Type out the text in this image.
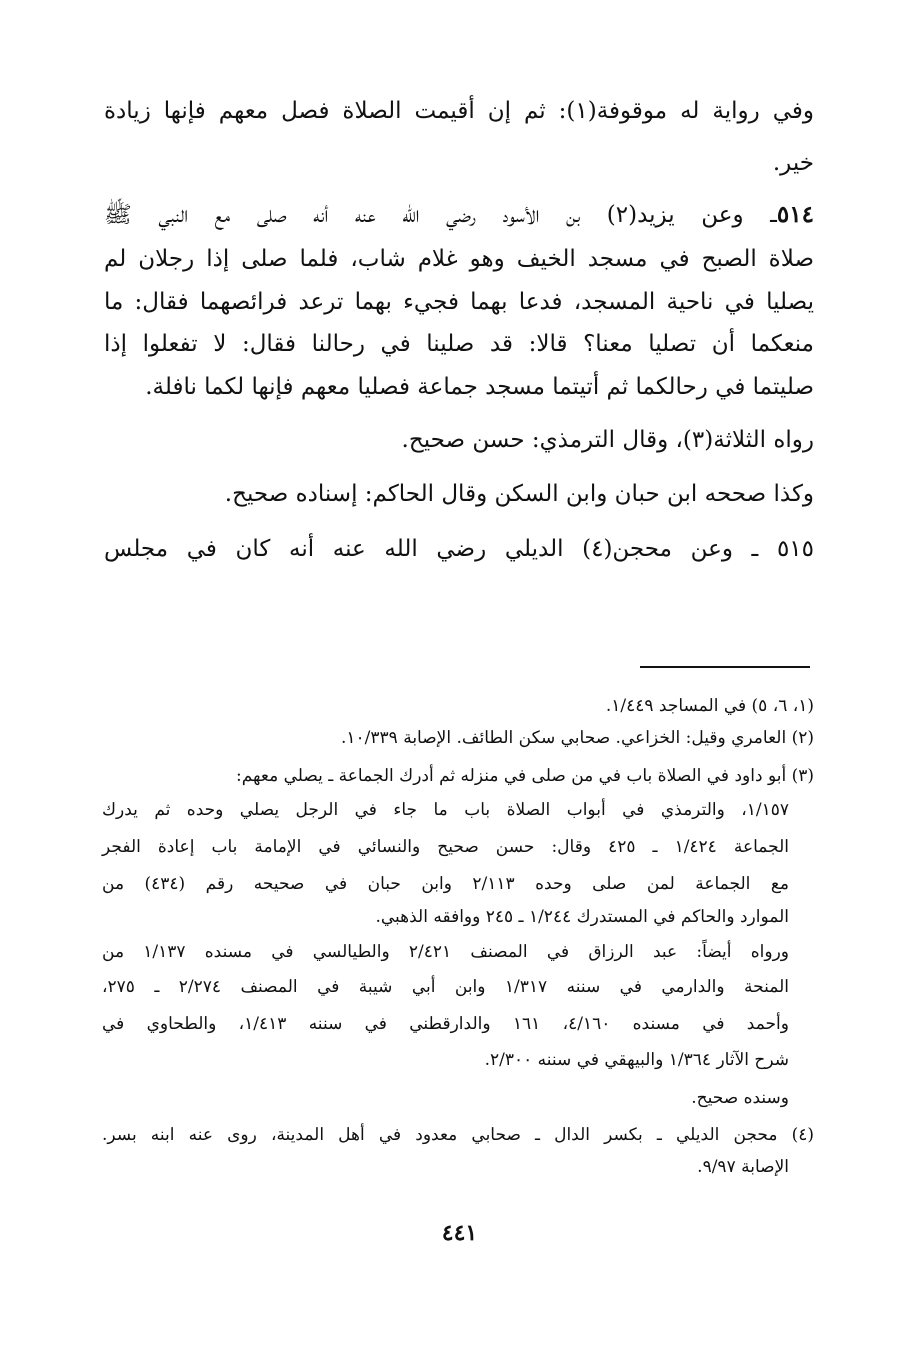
وفي رواية له موقوفة(١): ثم إن أقيمت الصلاة فصل معهم فإنها زيادة
خير.
٥١٤ـ وعن يزيد(٢) بن الأسود رضي الله عنه أنه صلى مع النبي ﷺ
صلاة الصبح في مسجد الخيف وهو غلام شاب، فلما صلى إذا رجلان لم
يصليا في ناحية المسجد، فدعا بهما فجيء بهما ترعد فرائصهما فقال: ما
منعكما أن تصليا معنا؟ قالا: قد صلينا في رحالنا فقال: لا تفعلوا إذا
صليتما في رحالكما ثم أتيتما مسجد جماعة فصليا معهم فإنها لكما نافلة.
رواه الثلاثة(٣)، وقال الترمذي: حسن صحيح.
وكذا صححه ابن حبان وابن السكن وقال الحاكم: إسناده صحيح.
٥١٥ ـ وعن محجن(٤) الديلي رضي الله عنه أنه كان في مجلس
(١، ٦، ٥) في المساجد ١/٤٤٩.
(٢) العامري وقيل: الخزاعي. صحابي سكن الطائف. الإصابة ١٠/٣٣٩.
(٣) أبو داود في الصلاة باب في من صلى في منزله ثم أدرك الجماعة ـ يصلي معهم:
١/١٥٧، والترمذي في أبواب الصلاة باب ما جاء في الرجل يصلي وحده ثم يدرك
الجماعة ١/٤٢٤ ـ ٤٢٥ وقال: حسن صحيح والنسائي في الإمامة باب إعادة الفجر
مع الجماعة لمن صلى وحده ٢/١١٣ وابن حبان في صحيحه رقم (٤٣٤) من
الموارد والحاكم في المستدرك ١/٢٤٤ ـ ٢٤٥ ووافقه الذهبي.
ورواه أيضاً: عبد الرزاق في المصنف ٢/٤٢١ والطيالسي في مسنده ١/١٣٧ من
المنحة والدارمي في سننه ١/٣١٧ وابن أبي شيبة في المصنف ٢/٢٧٤ ـ ٢٧٥،
وأحمد في مسنده ٤/١٦٠، ١٦١ والدارقطني في سننه ١/٤١٣، والطحاوي في
شرح الآثار ١/٣٦٤ والبيهقي في سننه ٢/٣٠٠.
وسنده صحيح.
(٤) محجن الديلي ـ بكسر الدال ـ صحابي معدود في أهل المدينة، روى عنه ابنه بسر.
الإصابة ٩/٩٧.
٤٤١
